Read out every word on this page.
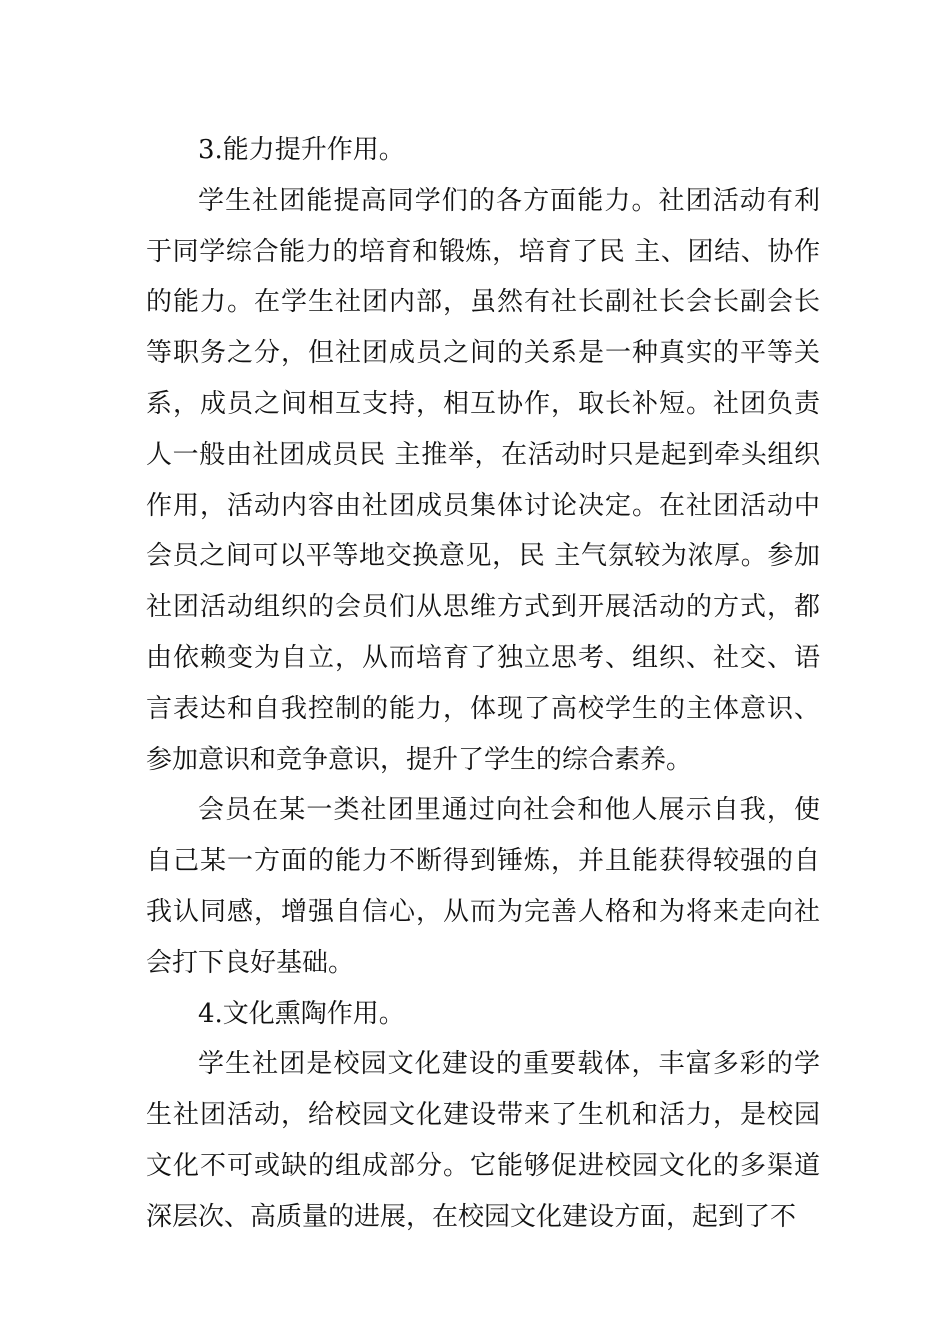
3.能力提升作用。

学生社团能提高同学们的各方面能力。社团活动有利于同学综合能力的培育和锻炼，培育了民 主、团结、协作的能力。在学生社团内部，虽然有社长副社长会长副会长等职务之分，但社团成员之间的关系是一种真实的平等关系，成员之间相互支持，相互协作，取长补短。社团负责人一般由社团成员民 主推举，在活动时只是起到牵头组织作用，活动内容由社团成员集体讨论决定。在社团活动中会员之间可以平等地交换意见，民 主气氛较为浓厚。参加社团活动组织的会员们从思维方式到开展活动的方式，都由依赖变为自立，从而培育了独立思考、组织、社交、语言表达和自我控制的能力，体现了高校学生的主体意识、参加意识和竞争意识，提升了学生的综合素养。

会员在某一类社团里通过向社会和他人展示自我，使自己某一方面的能力不断得到锤炼，并且能获得较强的自我认同感，增强自信心，从而为完善人格和为将来走向社会打下良好基础。

4.文化熏陶作用。

学生社团是校园文化建设的重要载体，丰富多彩的学生社团活动，给校园文化建设带来了生机和活力，是校园文化不可或缺的组成部分。它能够促进校园文化的多渠道深层次、高质量的进展，在校园文化建设方面，起到了不
